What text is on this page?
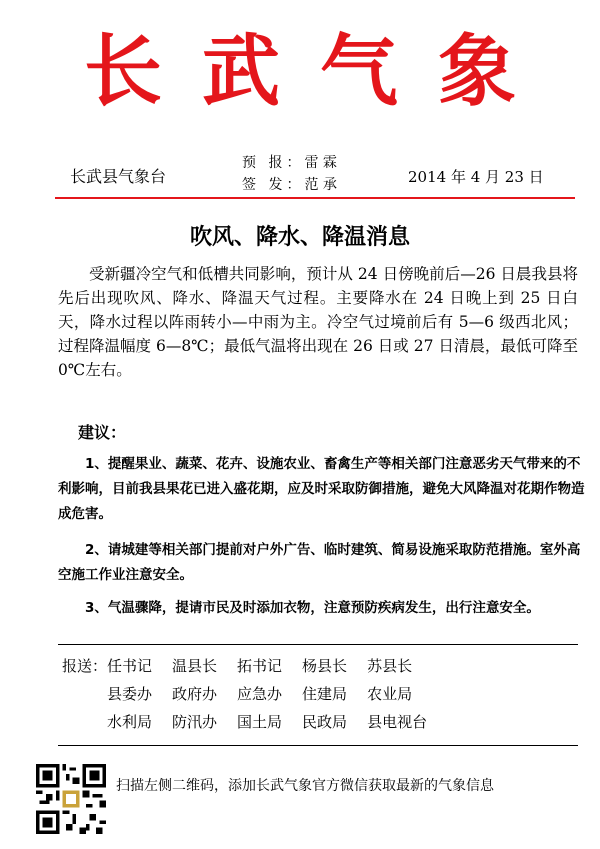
长武气象
长武县气象台
预 报：雷 霖
签 发：范 承	2014 年 4 月 23 日
吹风、降水、降温消息
受新疆冷空气和低槽共同影响，预计从 24 日傍晚前后—26 日晨我县将先后出现吹风、降水、降温天气过程。主要降水在 24 日晚上到 25 日白天，降水过程以阵雨转小—中雨为主。冷空气过境前后有 5—6 级西北风；过程降温幅度 6—8℃；最低气温将出现在 26 日或 27 日清晨，最低可降至 0℃左右。
建议：
1、提醒果业、蔬菜、花卉、设施农业、畜禽生产等相关部门注意恶劣天气带来的不利影响，目前我县果花已进入盛花期，应及时采取防御措施，避免大风降温对花期作物造成危害。
2、请城建等相关部门提前对户外广告、临时建筑、简易设施采取防范措施。室外高空施工作业注意安全。
3、气温骤降，提请市民及时添加衣物，注意预防疾病发生，出行注意安全。
报送：任书记 温县长 拓书记 杨县长 苏县长
县委办 政府办 应急办 住建局 农业局
水利局 防汛办 国土局 民政局 县电视台
扫描左侧二维码，添加长武气象官方微信获取最新的气象信息
